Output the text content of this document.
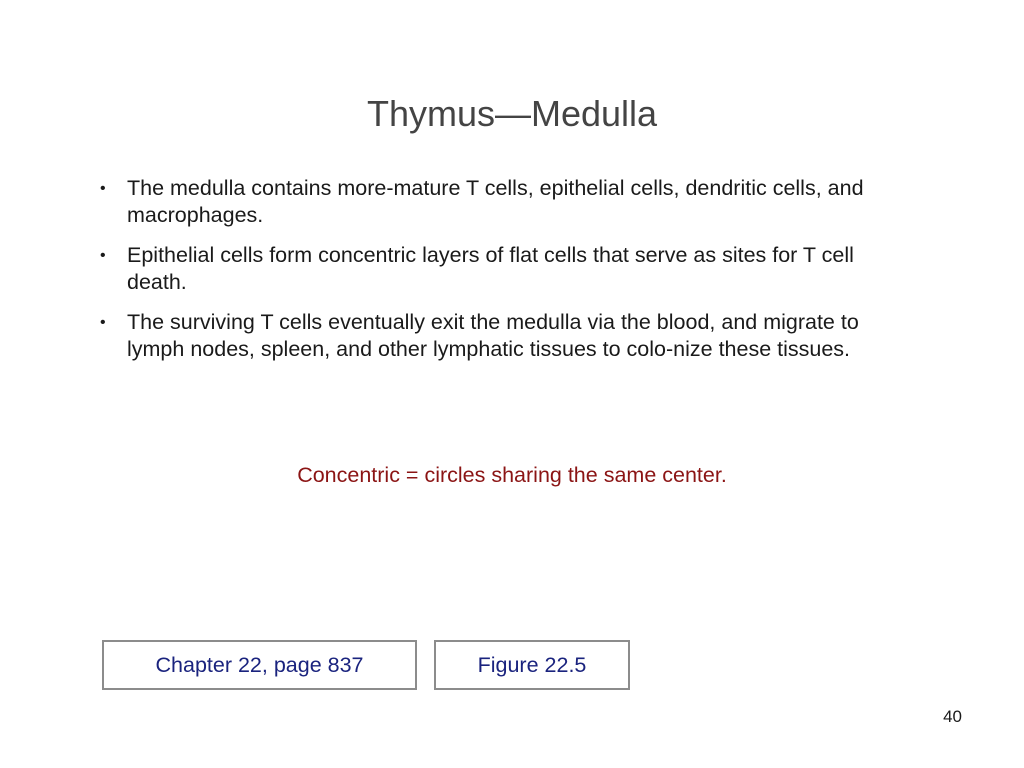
Thymus—Medulla
• The medulla contains more-mature T cells, epithelial cells, dendritic cells, and macrophages.
• Epithelial cells form concentric layers of flat cells that serve as sites for T cell death.
• The surviving T cells eventually exit the medulla via the blood, and migrate to lymph nodes, spleen, and other lymphatic tissues to colo-nize these tissues.
Concentric = circles sharing the same center.
Chapter 22, page 837	Figure 22.5
40
